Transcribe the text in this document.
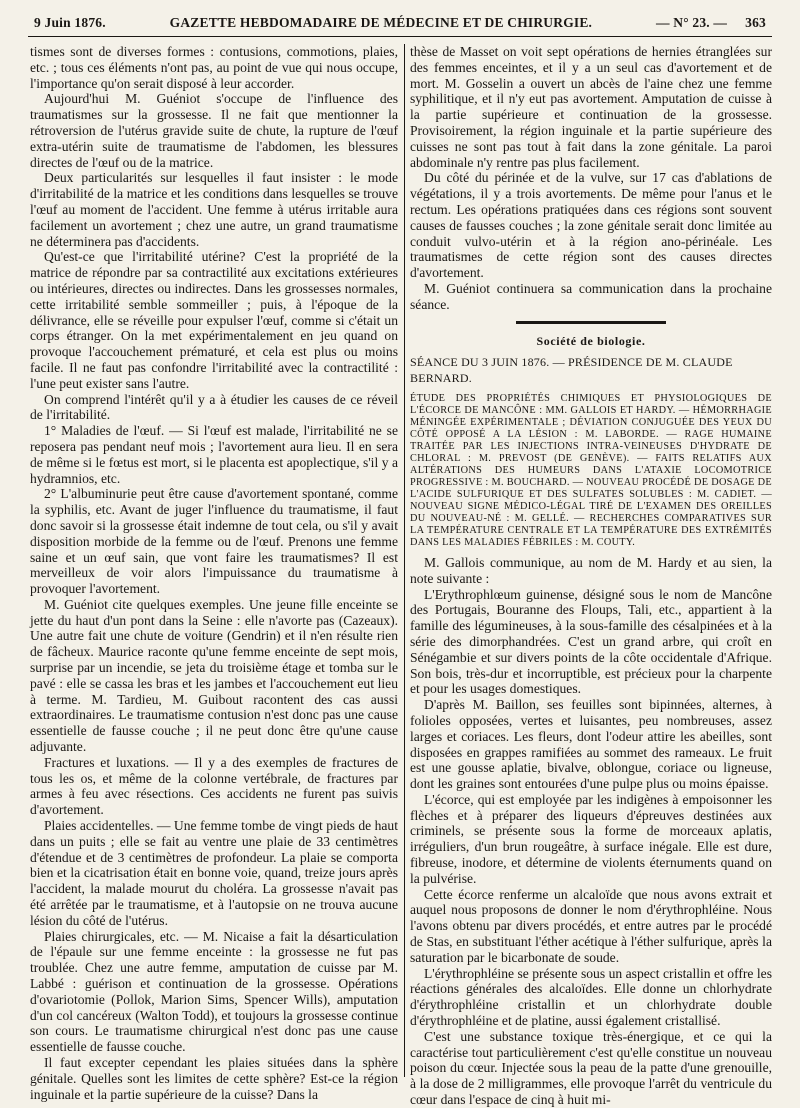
9 Juin 1876.	GAZETTE HEBDOMADAIRE DE MÉDECINE ET DE CHIRURGIE.	— N° 23. — 363

tismes sont de diverses formes : contusions, commotions, plaies, etc. ; tous ces éléments n'ont pas, au point de vue qui nous occupe, l'importance qu'on serait disposé à leur accorder.

Aujourd'hui M. Guéniot s'occupe de l'influence des traumatismes sur la grossesse. Il ne fait que mentionner la rétroversion de l'utérus gravide suite de chute, la rupture de l'œuf extra-utérin suite de traumatisme de l'abdomen, les blessures directes de l'œuf ou de la matrice.

Deux particularités sur lesquelles il faut insister : le mode d'irritabilité de la matrice et les conditions dans lesquelles se trouve l'œuf au moment de l'accident. Une femme à utérus irritable aura facilement un avortement ; chez une autre, un grand traumatisme ne déterminera pas d'accidents.

Qu'est-ce que l'irritabilité utérine? C'est la propriété de la matrice de répondre par sa contractilité aux excitations extérieures ou intérieures, directes ou indirectes. Dans les grossesses normales, cette irritabilité semble sommeiller ; puis, à l'époque de la délivrance, elle se réveille pour expulser l'œuf, comme si c'était un corps étranger. On la met expérimentalement en jeu quand on provoque l'accouchement prématuré, et cela est plus ou moins facile. Il ne faut pas confondre l'irritabilité avec la contractilité : l'une peut exister sans l'autre.

On comprend l'intérêt qu'il y a à étudier les causes de ce réveil de l'irritabilité.

1° Maladies de l'œuf. — Si l'œuf est malade, l'irritabilité ne se reposera pas pendant neuf mois ; l'avortement aura lieu. Il en sera de même si le fœtus est mort, si le placenta est apoplectique, s'il y a hydramnios, etc.

2° L'albuminurie peut être cause d'avortement spontané, comme la syphilis, etc. Avant de juger l'influence du traumatisme, il faut donc savoir si la grossesse était indemne de tout cela, ou s'il y avait disposition morbide de la femme ou de l'œuf. Prenons une femme saine et un œuf sain, que vont faire les traumatismes? Il est merveilleux de voir alors l'impuissance du traumatisme à provoquer l'avortement.

M. Guéniot cite quelques exemples. Une jeune fille enceinte se jette du haut d'un pont dans la Seine : elle n'avorte pas (Cazeaux). Une autre fait une chute de voiture (Gendrin) et il n'en résulte rien de fâcheux. Maurice raconte qu'une femme enceinte de sept mois, surprise par un incendie, se jeta du troisième étage et tomba sur le pavé : elle se cassa les bras et les jambes et l'accouchement eut lieu à terme. M. Tardieu, M. Guibout racontent des cas aussi extraordinaires. Le traumatisme contusion n'est donc pas une cause essentielle de fausse couche ; il ne peut donc être qu'une cause adjuvante.

Fractures et luxations. — Il y a des exemples de fractures de tous les os, et même de la colonne vertébrale, de fractures par armes à feu avec résections. Ces accidents ne furent pas suivis d'avortement.

Plaies accidentelles. — Une femme tombe de vingt pieds de haut dans un puits ; elle se fait au ventre une plaie de 33 centimètres d'étendue et de 3 centimètres de profondeur. La plaie se comporta bien et la cicatrisation était en bonne voie, quand, treize jours après l'accident, la malade mourut du choléra. La grossesse n'avait pas été arrêtée par le traumatisme, et à l'autopsie on ne trouva aucune lésion du côté de l'utérus.

Plaies chirurgicales, etc. — M. Nicaise a fait la désarticulation de l'épaule sur une femme enceinte : la grossesse ne fut pas troublée. Chez une autre femme, amputation de cuisse par M. Labbé : guérison et continuation de la grossesse. Opérations d'ovariotomie (Pollok, Marion Sims, Spencer Wills), amputation d'un col cancéreux (Walton Todd), et toujours la grossesse continue son cours. Le traumatisme chirurgical n'est donc pas une cause essentielle de fausse couche.

Il faut excepter cependant les plaies situées dans la sphère génitale. Quelles sont les limites de cette sphère? Est-ce la région inguinale et la partie supérieure de la cuisse? Dans la

thèse de Masset on voit sept opérations de hernies étranglées sur des femmes enceintes, et il y a un seul cas d'avortement et de mort. M. Gosselin a ouvert un abcès de l'aine chez une femme syphilitique, et il n'y eut pas avortement. Amputation de cuisse à la partie supérieure et continuation de la grossesse. Provisoirement, la région inguinale et la partie supérieure des cuisses ne sont pas tout à fait dans la zone génitale. La paroi abdominale n'y rentre pas plus facilement.

Du côté du périnée et de la vulve, sur 17 cas d'ablations de végétations, il y a trois avortements. De même pour l'anus et le rectum. Les opérations pratiquées dans ces régions sont souvent causes de fausses couches ; la zone génitale serait donc limitée au conduit vulvo-utérin et à la région ano-périnéale. Les traumatismes de cette région sont des causes directes d'avortement.

M. Guéniot continuera sa communication dans la prochaine séance.

Société de biologie.

SÉANCE DU 3 JUIN 1876. — PRÉSIDENCE DE M. CLAUDE BERNARD.

ÉTUDE DES PROPRIÉTÉS CHIMIQUES ET PHYSIOLOGIQUES DE L'ÉCORCE DE MANCÔNE : MM. GALLOIS ET HARDY. — HÉMORRHAGIE MÉNINGÉE EXPÉRIMENTALE ; DÉVIATION CONJUGUÉE DES YEUX DU CÔTÉ OPPOSÉ A LA LÉSION : M. LABORDE. — RAGE HUMAINE TRAITÉE PAR LES INJECTIONS INTRA-VEINEUSES D'HYDRATE DE CHLORAL : M. PREVOST (DE GENÈVE). — FAITS RELATIFS AUX ALTÉRATIONS DES HUMEURS DANS L'ATAXIE LOCOMOTRICE PROGRESSIVE : M. BOUCHARD. — NOUVEAU PROCÉDÉ DE DOSAGE DE L'ACIDE SULFURIQUE ET DES SULFATES SOLUBLES : M. CADIET. — NOUVEAU SIGNE MÉDICO-LÉGAL TIRÉ DE L'EXAMEN DES OREILLES DU NOUVEAU-NÉ : M. GELLÉ. — RECHERCHES COMPARATIVES SUR LA TEMPÉRATURE CENTRALE ET LA TEMPÉRATURE DES EXTRÉMITÉS DANS LES MALADIES FÉBRILES : M. COUTY.

M. Gallois communique, au nom de M. Hardy et au sien, la note suivante :

L'Erythrophlœum guinense, désigné sous le nom de Mancône des Portugais, Bouranne des Floups, Tali, etc., appartient à la famille des légumineuses, à la sous-famille des césalpinées et à la série des dimorphandrées. C'est un grand arbre, qui croît en Sénégambie et sur divers points de la côte occidentale d'Afrique. Son bois, très-dur et incorruptible, est précieux pour la charpente et pour les usages domestiques.

D'après M. Baillon, ses feuilles sont bipinnées, alternes, à folioles opposées, vertes et luisantes, peu nombreuses, assez larges et coriaces. Les fleurs, dont l'odeur attire les abeilles, sont disposées en grappes ramifiées au sommet des rameaux. Le fruit est une gousse aplatie, bivalve, oblongue, coriace ou ligneuse, dont les graines sont entourées d'une pulpe plus ou moins épaisse.

L'écorce, qui est employée par les indigènes à empoisonner les flèches et à préparer des liqueurs d'épreuves destinées aux criminels, se présente sous la forme de morceaux aplatis, irréguliers, d'un brun rougeâtre, à surface inégale. Elle est dure, fibreuse, inodore, et détermine de violents éternuments quand on la pulvérise.

Cette écorce renferme un alcaloïde que nous avons extrait et auquel nous proposons de donner le nom d'érythrophléine. Nous l'avons obtenu par divers procédés, et entre autres par le procédé de Stas, en substituant l'éther acétique à l'éther sulfurique, après la saturation par le bicarbonate de soude.

L'érythrophléine se présente sous un aspect cristallin et offre les réactions générales des alcaloïdes. Elle donne un chlorhydrate d'érythrophléine cristallin et un chlorhydrate double d'érythrophléine et de platine, aussi également cristallisé.

C'est une substance toxique très-énergique, et ce qui la caractérise tout particulièrement c'est qu'elle constitue un nouveau poison du cœur. Injectée sous la peau de la patte d'une grenouille, à la dose de 2 milligrammes, elle provoque l'arrêt du ventricule du cœur dans l'espace de cinq à huit mi-
